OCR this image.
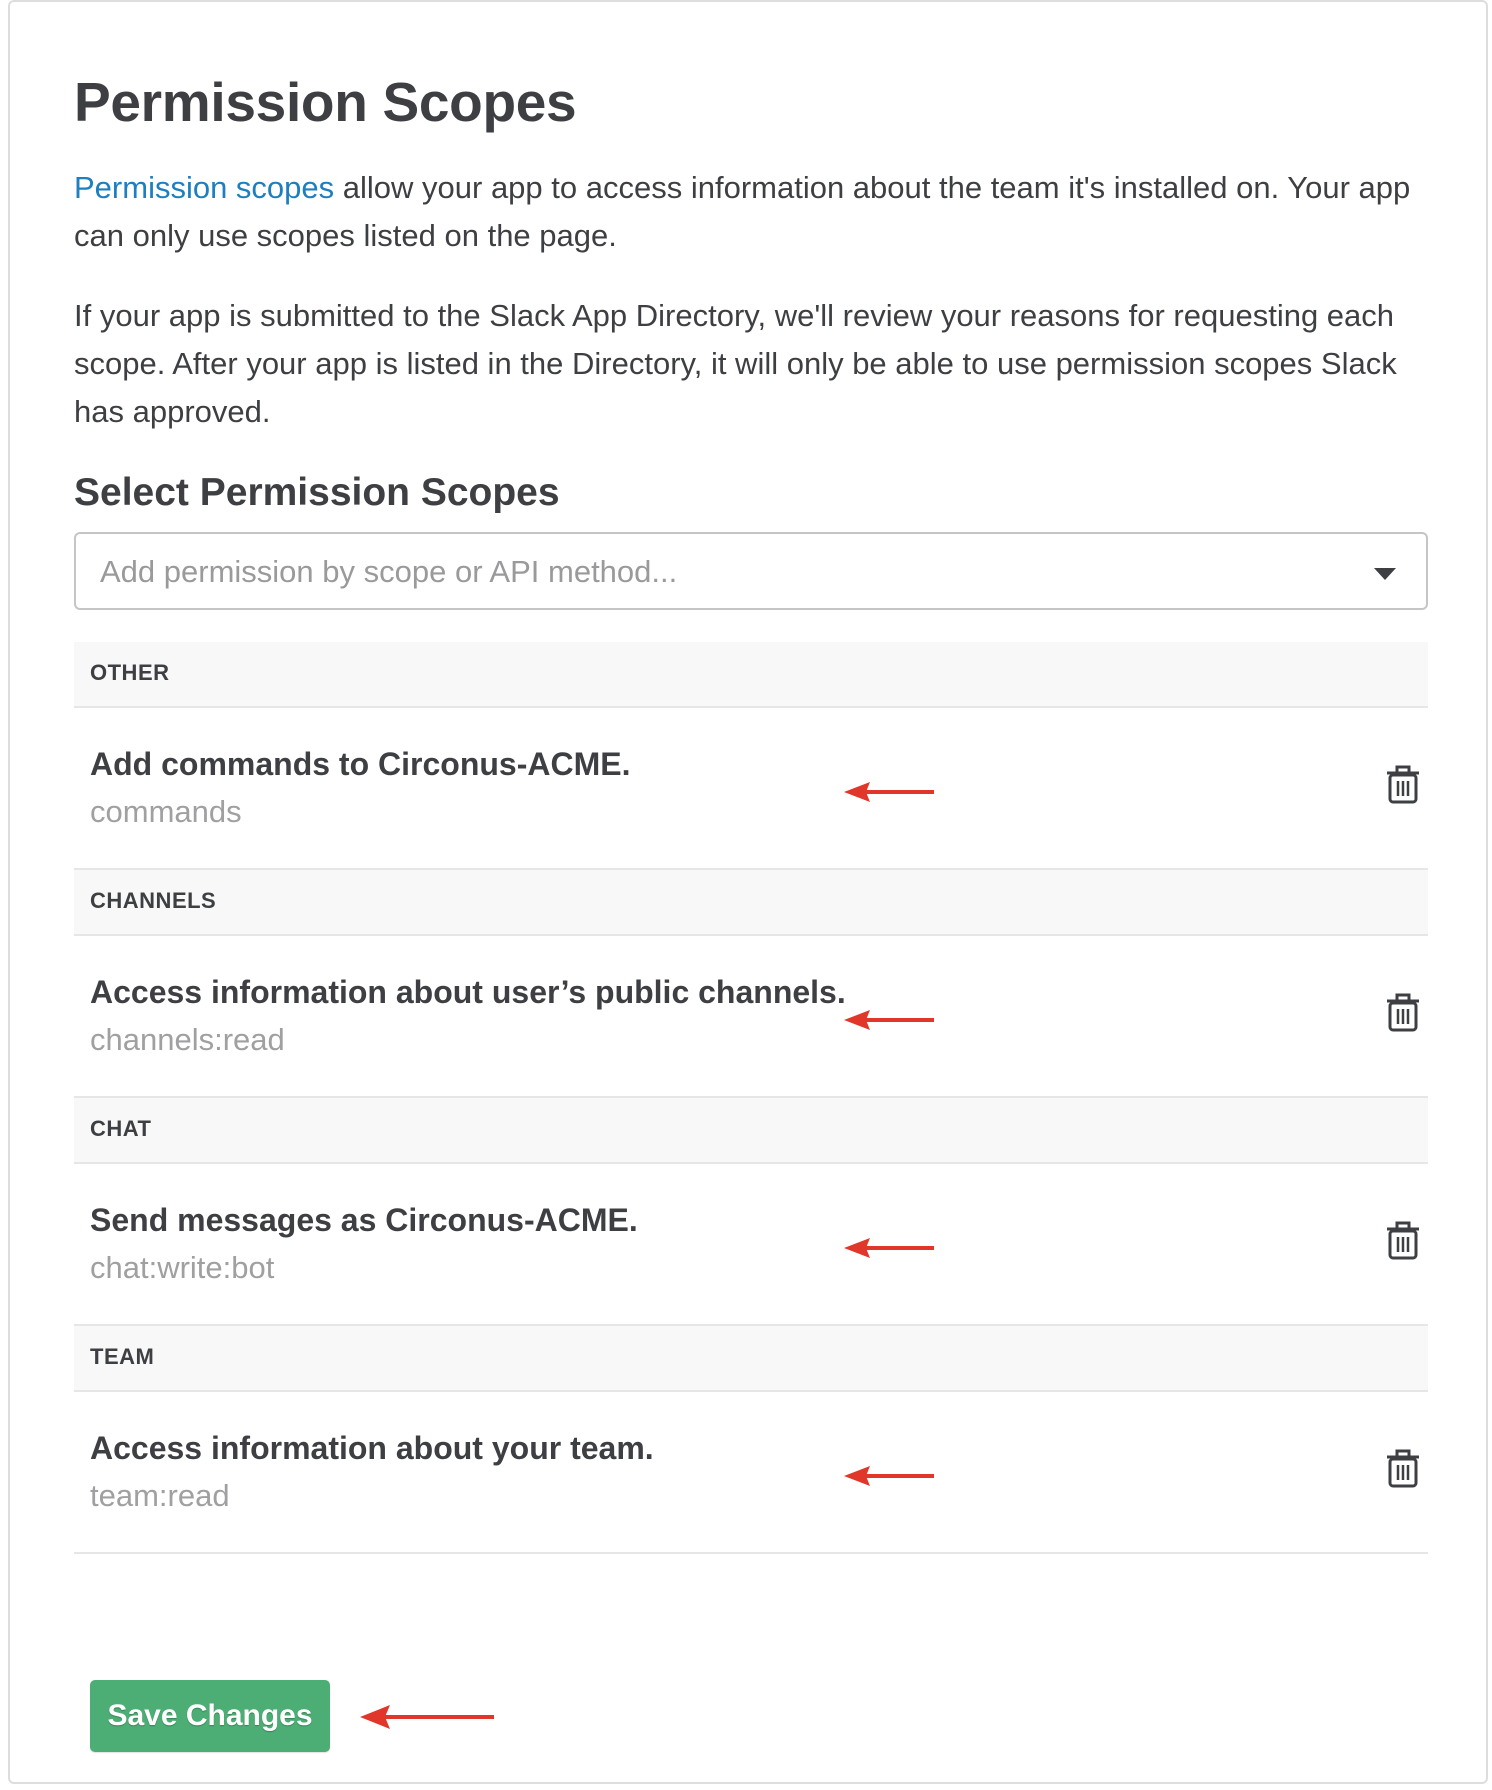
Permission Scopes

Permission scopes allow your app to access information about the team it's installed on. Your app can only use scopes listed on the page.

If your app is submitted to the Slack App Directory, we'll review your reasons for requesting each scope. After your app is listed in the Directory, it will only be able to use permission scopes Slack has approved.

Select Permission Scopes
Add permission by scope or API method...
OTHER
Add commands to Circonus-ACME.
commands
CHANNELS
Access information about user’s public channels.
channels:read
CHAT
Send messages as Circonus-ACME.
chat:write:bot
TEAM
Access information about your team.
team:read
Save Changes
